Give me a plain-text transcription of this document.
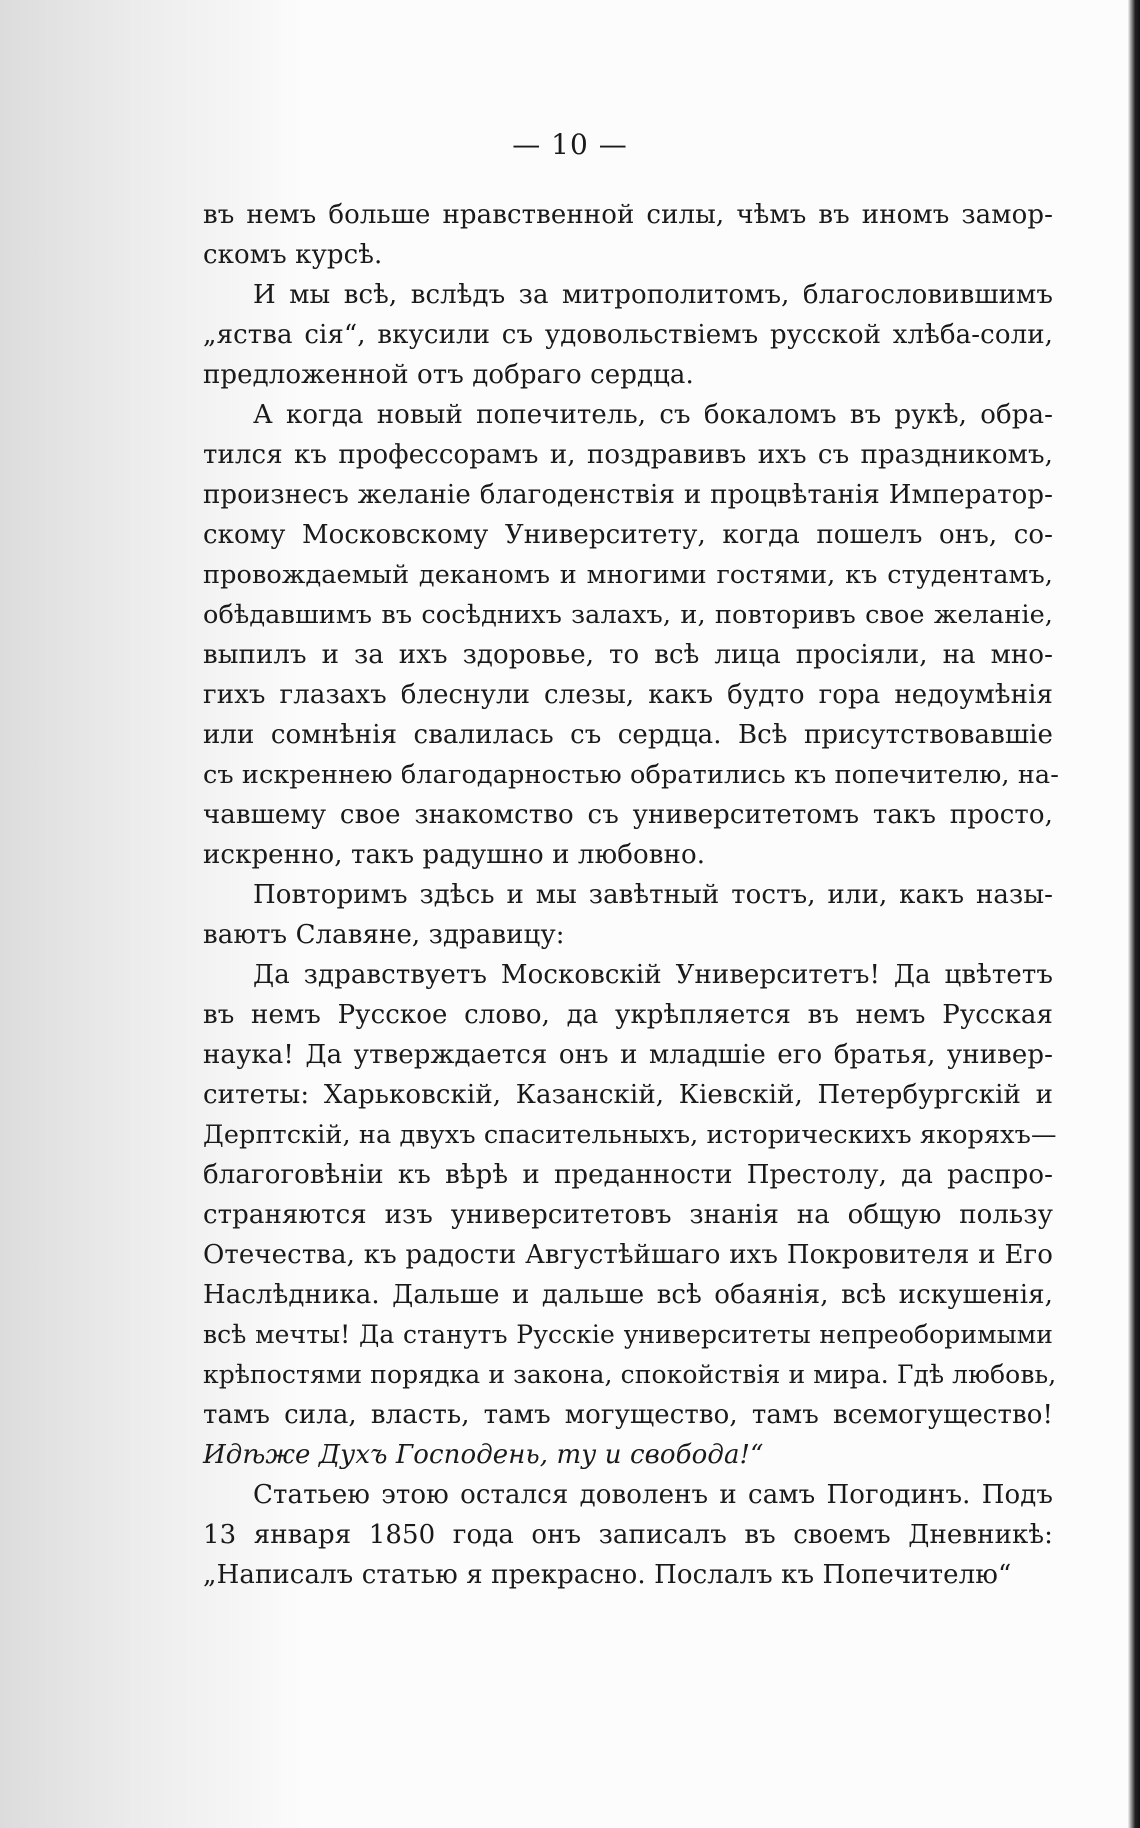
— 10 —
въ немъ больше нравственной силы, чѣмъ въ иномъ замор-
скомъ курсѣ.
И мы всѣ, вслѣдъ за митрополитомъ, благословившимъ
„яства сія“, вкусили съ удовольствіемъ русской хлѣба-соли,
предложенной отъ добраго сердца.
А когда новый попечитель, съ бокаломъ въ рукѣ, обра-
тился къ профессорамъ и, поздравивъ ихъ съ праздникомъ,
произнесъ желаніе благоденствія и процвѣтанія Император-
скому Московскому Университету, когда пошелъ онъ, со-
провождаемый деканомъ и многими гостями, къ студентамъ,
обѣдавшимъ въ сосѣднихъ залахъ, и, повторивъ свое желаніе,
выпилъ и за ихъ здоровье, то всѣ лица просіяли, на мно-
гихъ глазахъ блеснули слезы, какъ будто гора недоумѣнія
или сомнѣнія свалилась съ сердца. Всѣ присутствовавшіе
съ искреннею благодарностью обратились къ попечителю, на-
чавшему свое знакомство съ университетомъ такъ просто,
искренно, такъ радушно и любовно.
Повторимъ здѣсь и мы завѣтный тостъ, или, какъ назы-
ваютъ Славяне, здравицу:
Да здравствуетъ Московскій Университетъ! Да цвѣтетъ
въ немъ Русское слово, да укрѣпляется въ немъ Русская
наука! Да утверждается онъ и младшіе его братья, универ-
ситеты: Харьковскій, Казанскій, Кіевскій, Петербургскій и
Дерптскій, на двухъ спасительныхъ, историческихъ якоряхъ—
благоговѣніи къ вѣрѣ и преданности Престолу, да распро-
страняются изъ университетовъ знанія на общую пользу
Отечества, къ радости Августѣйшаго ихъ Покровителя и Его
Наслѣдника. Дальше и дальше всѣ обаянія, всѣ искушенія,
всѣ мечты! Да станутъ Русскіе университеты непреоборимыми
крѣпостями порядка и закона, спокойствія и мира. Гдѣ любовь,
тамъ сила, власть, тамъ могущество, тамъ всемогущество!
Идѣже Духъ Господень, ту и свобода!“
Статьею этою остался доволенъ и самъ Погодинъ. Подъ
13 января 1850 года онъ записалъ въ своемъ Дневникѣ:
„Написалъ статью я прекрасно. Послалъ къ Попечителю“
